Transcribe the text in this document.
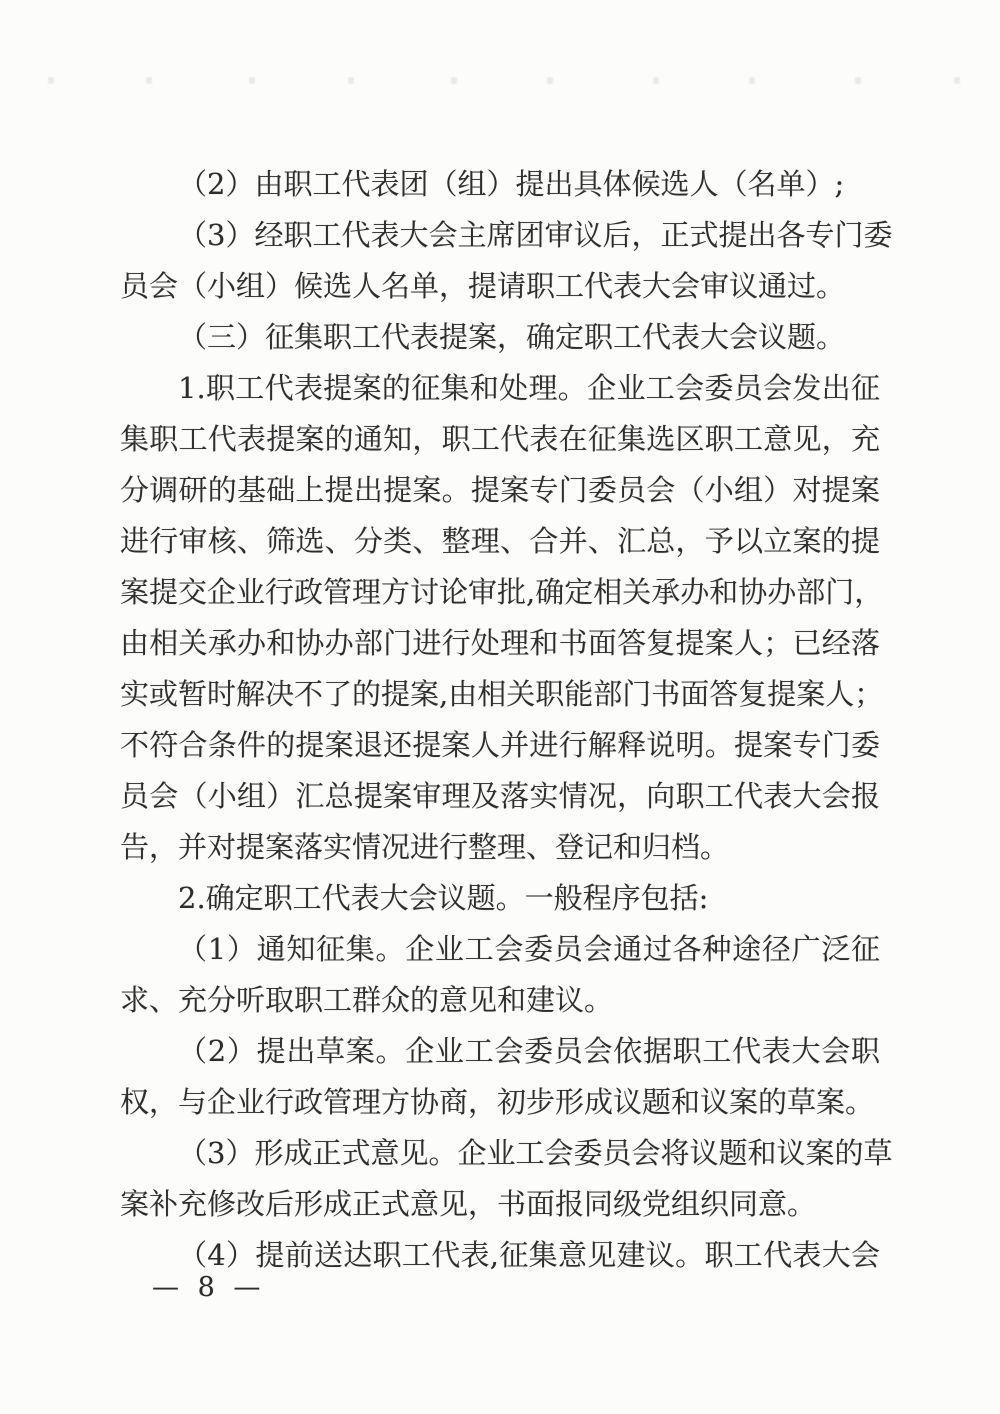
（2）由职工代表团（组）提出具体候选人（名单）;
（3）经职工代表大会主席团审议后，正式提出各专门委
员会（小组）候选人名单，提请职工代表大会审议通过。
（三）征集职工代表提案，确定职工代表大会议题。
1.职工代表提案的征集和处理。企业工会委员会发出征
集职工代表提案的通知，职工代表在征集选区职工意见，充
分调研的基础上提出提案。提案专门委员会（小组）对提案
进行审核、筛选、分类、整理、合并、汇总，予以立案的提
案提交企业行政管理方讨论审批,确定相关承办和协办部门，
由相关承办和协办部门进行处理和书面答复提案人；已经落
实或暂时解决不了的提案,由相关职能部门书面答复提案人；
不符合条件的提案退还提案人并进行解释说明。提案专门委
员会（小组）汇总提案审理及落实情况，向职工代表大会报
告，并对提案落实情况进行整理、登记和归档。
2.确定职工代表大会议题。一般程序包括:
（1）通知征集。企业工会委员会通过各种途径广泛征
求、充分听取职工群众的意见和建议。
（2）提出草案。企业工会委员会依据职工代表大会职
权，与企业行政管理方协商，初步形成议题和议案的草案。
（3）形成正式意见。企业工会委员会将议题和议案的草
案补充修改后形成正式意见，书面报同级党组织同意。
（4）提前送达职工代表,征集意见建议。职工代表大会
— 8 —
